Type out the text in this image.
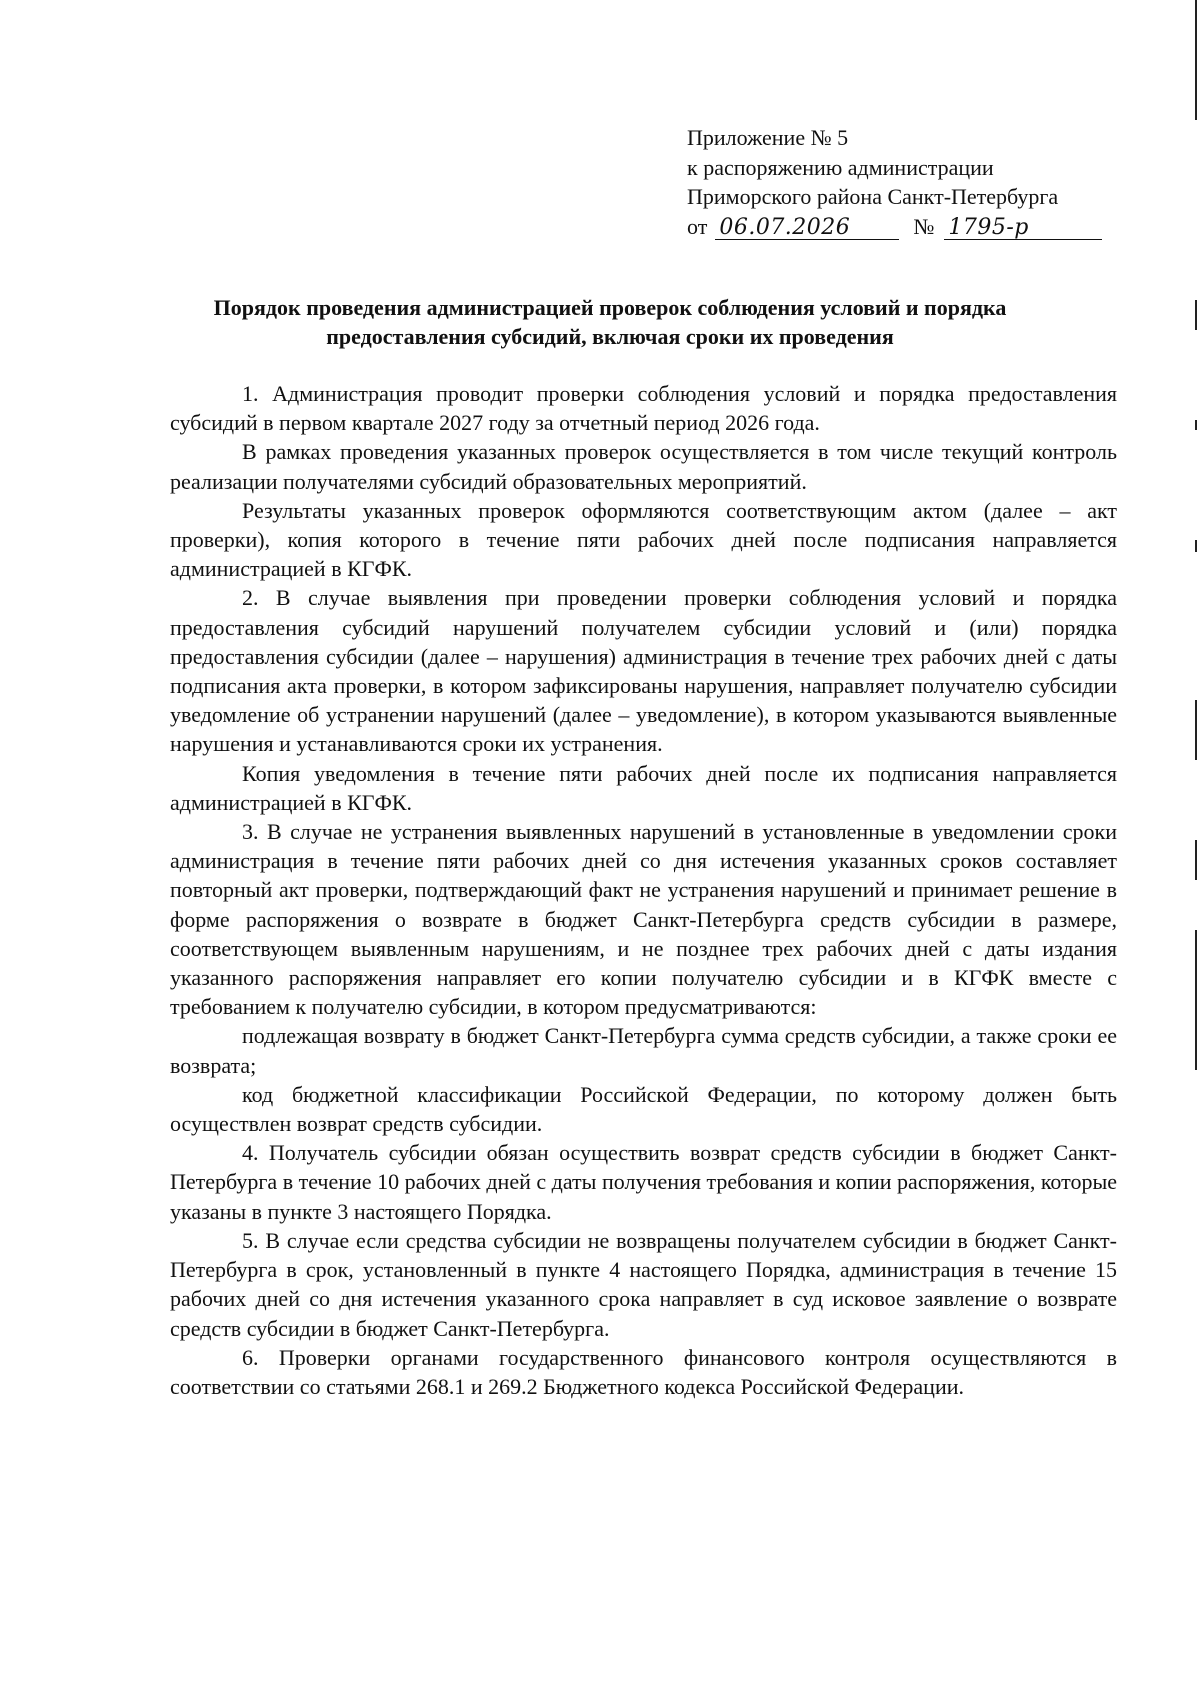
Приложение № 5
к распоряжению администрации
Приморского района Санкт-Петербурга
от 06.07.2026	№ 1795-р
Порядок проведения администрацией проверок соблюдения условий и порядка
предоставления субсидий, включая сроки их проведения

1. Администрация проводит проверки соблюдения условий и порядка предоставления субсидий в первом квартале 2027 году за отчетный период 2026 года.

В рамках проведения указанных проверок осуществляется в том числе текущий контроль реализации получателями субсидий образовательных мероприятий.

Результаты указанных проверок оформляются соответствующим актом (далее – акт проверки), копия которого в течение пяти рабочих дней после подписания направляется администрацией в КГФК.

2. В случае выявления при проведении проверки соблюдения условий и порядка предоставления субсидий нарушений получателем субсидии условий и (или) порядка предоставления субсидии (далее – нарушения) администрация в течение трех рабочих дней с даты подписания акта проверки, в котором зафиксированы нарушения, направляет получателю субсидии уведомление об устранении нарушений (далее – уведомление), в котором указываются выявленные нарушения и устанавливаются сроки их устранения.

Копия уведомления в течение пяти рабочих дней после их подписания направляется администрацией в КГФК.

3. В случае не устранения выявленных нарушений в установленные в уведомлении сроки администрация в течение пяти рабочих дней со дня истечения указанных сроков составляет повторный акт проверки, подтверждающий факт не устранения нарушений и принимает решение в форме распоряжения о возврате в бюджет Санкт-Петербурга средств субсидии в размере, соответствующем выявленным нарушениям, и не позднее трех рабочих дней с даты издания указанного распоряжения направляет его копии получателю субсидии и в КГФК вместе с требованием к получателю субсидии, в котором предусматриваются:

подлежащая возврату в бюджет Санкт-Петербурга сумма средств субсидии, а также сроки ее возврата;

код бюджетной классификации Российской Федерации, по которому должен быть осуществлен возврат средств субсидии.

4. Получатель субсидии обязан осуществить возврат средств субсидии в бюджет Санкт-Петербурга в течение 10 рабочих дней с даты получения требования и копии распоряжения, которые указаны в пункте 3 настоящего Порядка.

5. В случае если средства субсидии не возвращены получателем субсидии в бюджет Санкт-Петербурга в срок, установленный в пункте 4 настоящего Порядка, администрация в течение 15 рабочих дней со дня истечения указанного срока направляет в суд исковое заявление о возврате средств субсидии в бюджет Санкт-Петербурга.

6. Проверки органами государственного финансового контроля осуществляются в соответствии со статьями 268.1 и 269.2 Бюджетного кодекса Российской Федерации.
